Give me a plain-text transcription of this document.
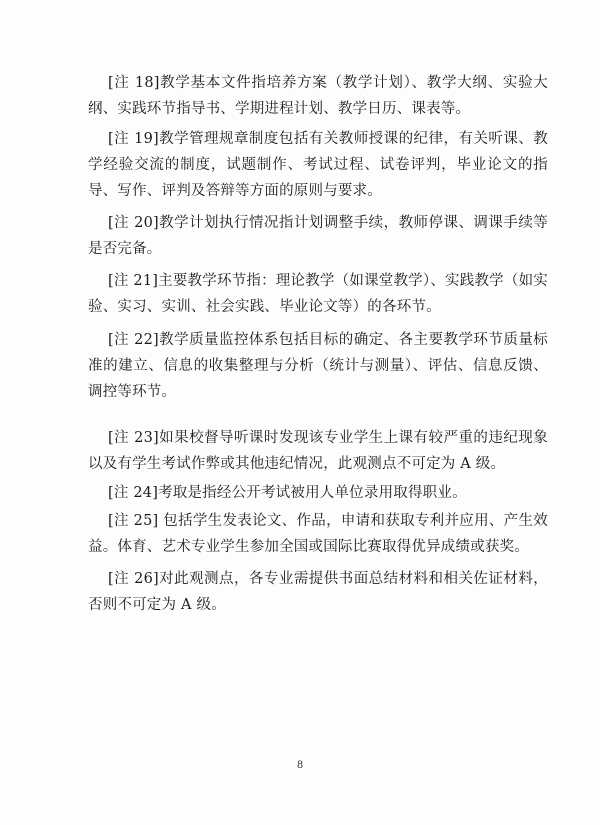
[注 18]教学基本文件指培养方案（教学计划）、教学大纲、实验大纲、实践环节指导书、学期进程计划、教学日历、课表等。

[注 19]教学管理规章制度包括有关教师授课的纪律，有关听课、教学经验交流的制度，试题制作、考试过程、试卷评判，毕业论文的指导、写作、评判及答辩等方面的原则与要求。

[注 20]教学计划执行情况指计划调整手续，教师停课、调课手续等是否完备。

[注 21]主要教学环节指：理论教学（如课堂教学）、实践教学（如实验、实习、实训、社会实践、毕业论文等）的各环节。

[注 22]教学质量监控体系包括目标的确定、各主要教学环节质量标准的建立、信息的收集整理与分析（统计与测量）、评估、信息反馈、调控等环节。

[注 23]如果校督导听课时发现该专业学生上课有较严重的违纪现象以及有学生考试作弊或其他违纪情况，此观测点不可定为 A 级。

[注 24]考取是指经公开考试被用人单位录用取得职业。

[注 25] 包括学生发表论文、作品，申请和获取专利并应用、产生效益。体育、艺术专业学生参加全国或国际比赛取得优异成绩或获奖。

[注 26]对此观测点，各专业需提供书面总结材料和相关佐证材料，否则不可定为 A 级。

8
